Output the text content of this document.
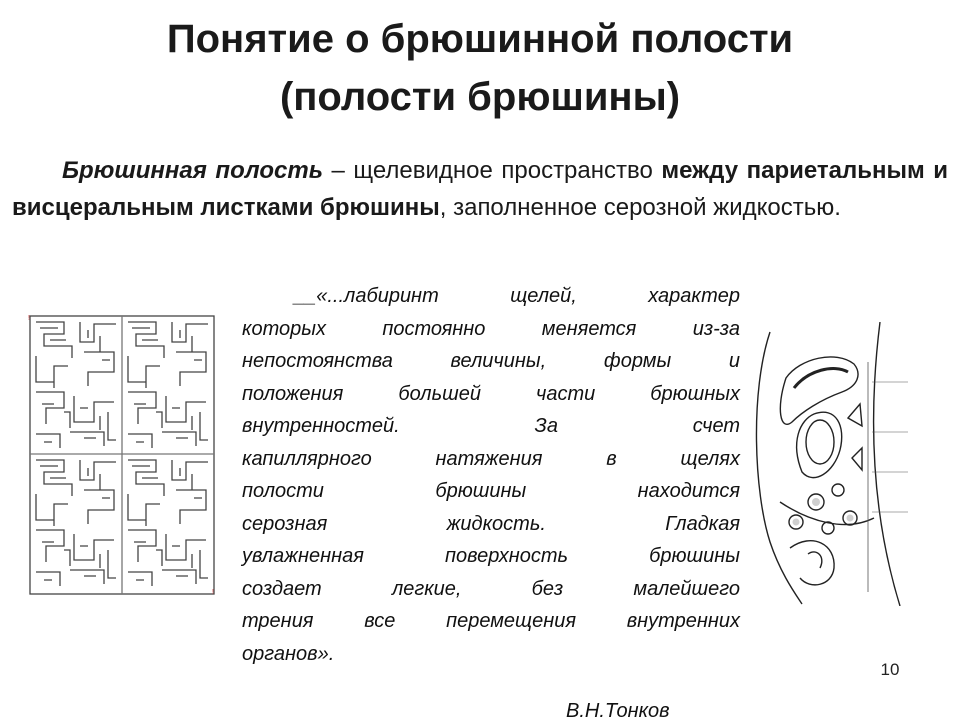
Понятие о брюшинной полости
(полости брюшины)
Брюшинная полость – щелевидное пространство между париетальным и висцеральным листками брюшины, заполненное серозной жидкостью.
!
!
__«...лабиринт щелей, характер
которых постоянно меняется из-за
непостоянства величины, формы и
положения большей части брюшных
внутренностей. За счет
капиллярного натяжения в щелях
полости брюшины находится
серозная жидкость. Гладкая
увлажненная поверхность брюшины
создает легкие, без малейшего
трения все перемещения внутренних
органов».
10
В.Н.Тонков
